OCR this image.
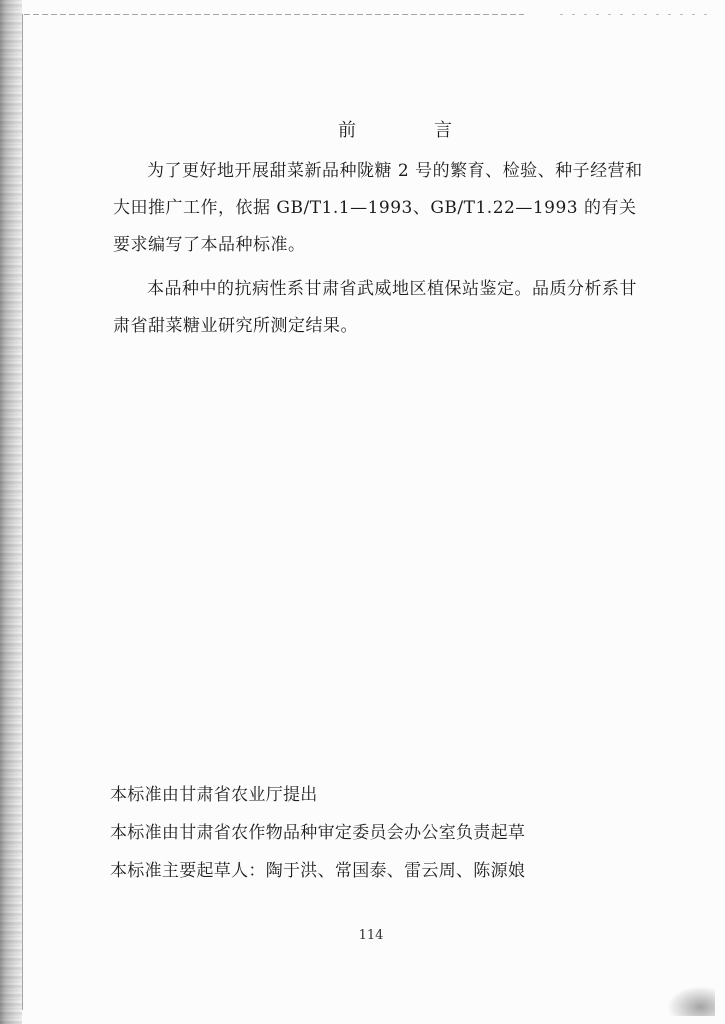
前　言

为了更好地开展甜菜新品种陇糖 2 号的繁育、检验、种子经营和大田推广工作，依据 GB/T1.1—1993、GB/T1.22—1993 的有关要求编写了本品种标准。

本品种中的抗病性系甘肃省武威地区植保站鉴定。品质分析系甘肃省甜菜糖业研究所测定结果。

本标准由甘肃省农业厅提出
本标准由甘肃省农作物品种审定委员会办公室负责起草
本标准主要起草人：陶于洪、常国泰、雷云周、陈源娘
114
